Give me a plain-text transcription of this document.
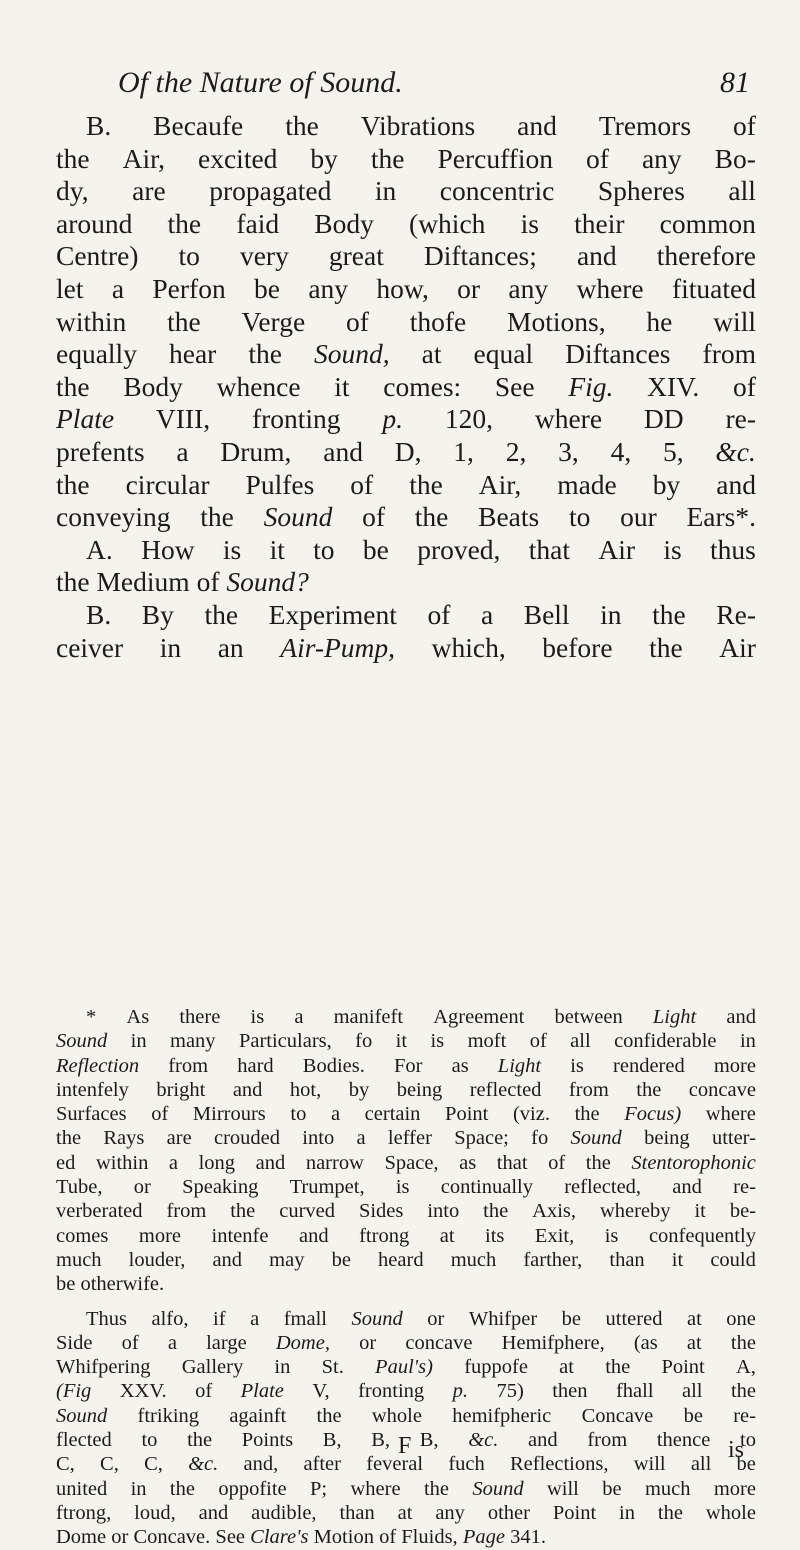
Of the Nature of Sound.	81
B. Becaufe the Vibrations and Tremors of
the Air, excited by the Percuffion of any Bo-
dy, are propagated in concentric Spheres all
around the faid Body (which is their common
Centre) to very great Diftances; and therefore
let a Perfon be any how, or any where fituated
within the Verge of thofe Motions, he will
equally hear the Sound, at equal Diftances from
the Body whence it comes: See Fig. XIV. of
Plate VIII, fronting p. 120, where DD re-
prefents a Drum, and D, 1, 2, 3, 4, 5, &c.
the circular Pulfes of the Air, made by and
conveying the Sound of the Beats to our Ears*.
A. How is it to be proved, that Air is thus
the Medium of Sound?
B. By the Experiment of a Bell in the Re-
ceiver in an Air-Pump, which, before the Air
* As there is a manifeft Agreement between Light and
Sound in many Particulars, fo it is moft of all confiderable in
Reflection from hard Bodies. For as Light is rendered more
intenfely bright and hot, by being reflected from the concave
Surfaces of Mirrours to a certain Point (viz. the Focus) where
the Rays are crouded into a leffer Space; fo Sound being utter-
ed within a long and narrow Space, as that of the Stentorophonic
Tube, or Speaking Trumpet, is continually reflected, and re-
verberated from the curved Sides into the Axis, whereby it be-
comes more intenfe and ftrong at its Exit, is confequently
much louder, and may be heard much farther, than it could
be otherwife.
Thus alfo, if a fmall Sound or Whifper be uttered at one
Side of a large Dome, or concave Hemifphere, (as at the
Whifpering Gallery in St. Paul's) fuppofe at the Point A,
(Fig XXV. of Plate V, fronting p. 75) then fhall all the
Sound ftriking againft the whole hemifpheric Concave be re-
flected to the Points B, B, B, &c. and from thence to
C, C, C, &c. and, after feveral fuch Reflections, will all be
united in the oppofite P; where the Sound will be much more
ftrong, loud, and audible, than at any other Point in the whole
Dome or Concave. See Clare's Motion of Fluids, Page 341.
F	is
